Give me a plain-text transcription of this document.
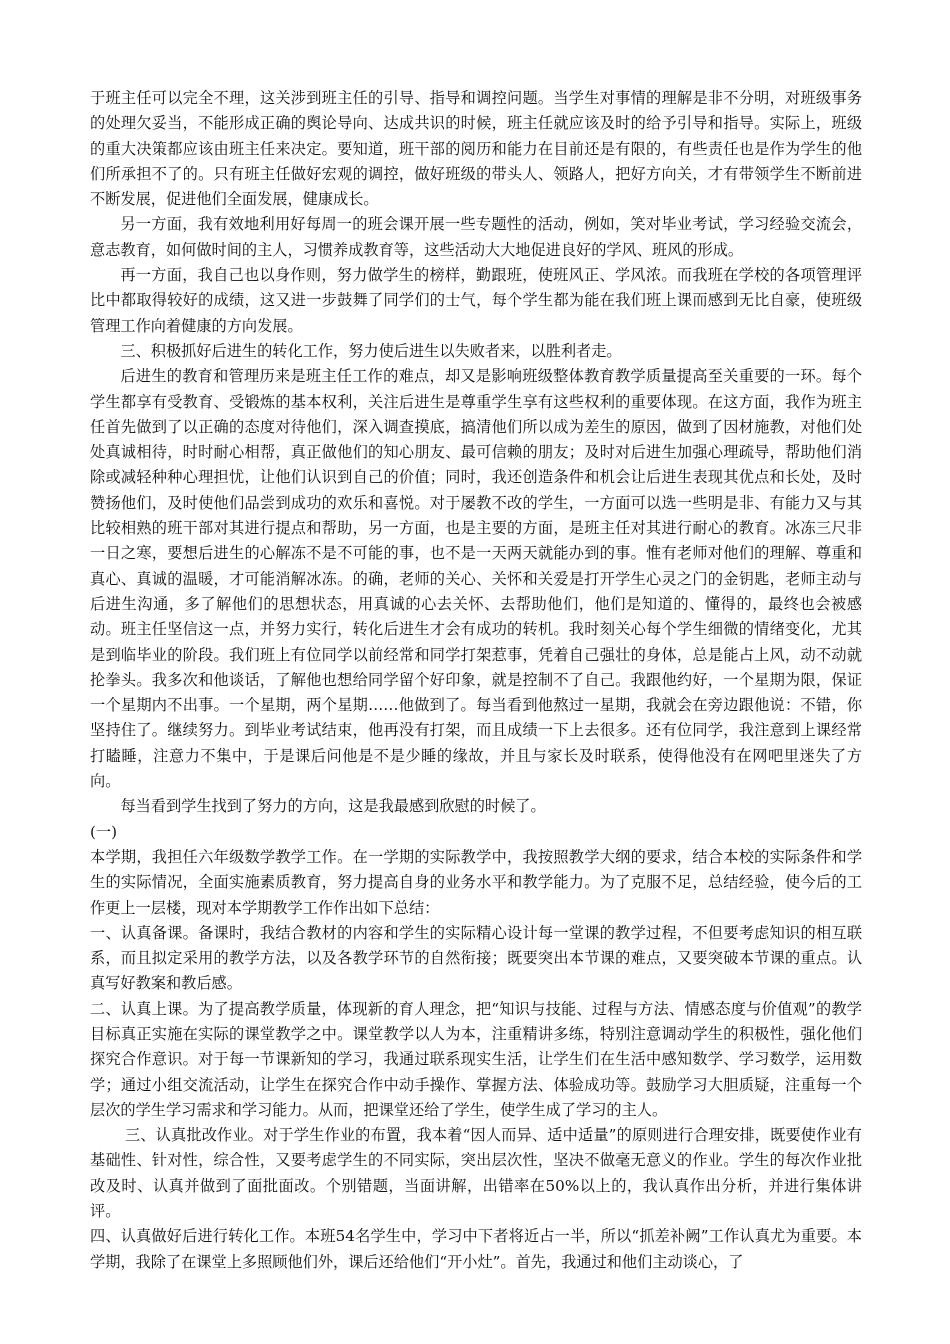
于班主任可以完全不理，这关涉到班主任的引导、指导和调控问题。当学生对事情的理解是非不分明，对班级事务的处理欠妥当，不能形成正确的舆论导向、达成共识的时候，班主任就应该及时的给予引导和指导。实际上，班级的重大决策都应该由班主任来决定。要知道，班干部的阅历和能力在目前还是有限的，有些责任也是作为学生的他们所承担不了的。只有班主任做好宏观的调控，做好班级的带头人、领路人，把好方向关，才有带领学生不断前进不断发展，促进他们全面发展，健康成长。

另一方面，我有效地利用好每周一的班会课开展一些专题性的活动，例如，笑对毕业考试，学习经验交流会，意志教育，如何做时间的主人，习惯养成教育等，这些活动大大地促进良好的学风、班风的形成。

再一方面，我自己也以身作则，努力做学生的榜样，勤跟班，使班风正、学风浓。而我班在学校的各项管理评比中都取得较好的成绩，这又进一步鼓舞了同学们的士气，每个学生都为能在我们班上课而感到无比自豪，使班级管理工作向着健康的方向发展。

三、积极抓好后进生的转化工作，努力使后进生以失败者来，以胜利者走。

后进生的教育和管理历来是班主任工作的难点，却又是影响班级整体教育教学质量提高至关重要的一环。每个学生都享有受教育、受锻炼的基本权利，关注后进生是尊重学生享有这些权利的重要体现。在这方面，我作为班主任首先做到了以正确的态度对待他们，深入调查摸底，搞清他们所以成为差生的原因，做到了因材施教，对他们处处真诚相待，时时耐心相帮，真正做他们的知心朋友、最可信赖的朋友；及时对后进生加强心理疏导，帮助他们消除或减轻种种心理担忧，让他们认识到自己的价值；同时，我还创造条件和机会让后进生表现其优点和长处，及时赞扬他们，及时使他们品尝到成功的欢乐和喜悦。对于屡教不改的学生，一方面可以选一些明是非、有能力又与其比较相熟的班干部对其进行提点和帮助，另一方面，也是主要的方面，是班主任对其进行耐心的教育。冰冻三尺非一日之寒，要想后进生的心解冻不是不可能的事，也不是一天两天就能办到的事。惟有老师对他们的理解、尊重和真心、真诚的温暖，才可能消解冰冻。的确，老师的关心、关怀和关爱是打开学生心灵之门的金钥匙，老师主动与后进生沟通，多了解他们的思想状态，用真诚的心去关怀、去帮助他们，他们是知道的、懂得的，最终也会被感动。班主任坚信这一点，并努力实行，转化后进生才会有成功的转机。我时刻关心每个学生细微的情绪变化，尤其是到临毕业的阶段。我们班上有位同学以前经常和同学打架惹事，凭着自己强壮的身体，总是能占上风，动不动就抡拳头。我多次和他谈话，了解他也想给同学留个好印象，就是控制不了自己。我跟他约好，一个星期为限，保证一个星期内不出事。一个星期，两个星期……他做到了。每当看到他熬过一星期，我就会在旁边跟他说：不错，你坚持住了。继续努力。到毕业考试结束，他再没有打架，而且成绩一下上去很多。还有位同学，我注意到上课经常打瞌睡，注意力不集中，于是课后问他是不是少睡的缘故，并且与家长及时联系，使得他没有在网吧里迷失了方向。

每当看到学生找到了努力的方向，这是我最感到欣慰的时候了。

(一)

本学期，我担任六年级数学教学工作。在一学期的实际教学中，我按照教学大纲的要求，结合本校的实际条件和学生的实际情况，全面实施素质教育，努力提高自身的业务水平和教学能力。为了克服不足，总结经验，使今后的工作更上一层楼，现对本学期教学工作作出如下总结：

一、认真备课。备课时，我结合教材的内容和学生的实际精心设计每一堂课的教学过程，不但要考虑知识的相互联系，而且拟定采用的教学方法，以及各教学环节的自然衔接；既要突出本节课的难点，又要突破本节课的重点。认真写好教案和教后感。

二、认真上课。为了提高教学质量，体现新的育人理念，把“知识与技能、过程与方法、情感态度与价值观”的教学目标真正实施在实际的课堂教学之中。课堂教学以人为本，注重精讲多练，特别注意调动学生的积极性，强化他们探究合作意识。对于每一节课新知的学习，我通过联系现实生活，让学生们在生活中感知数学、学习数学，运用数学；通过小组交流活动，让学生在探究合作中动手操作、掌握方法、体验成功等。鼓励学习大胆质疑，注重每一个层次的学生学习需求和学习能力。从而，把课堂还给了学生，使学生成了学习的主人。

三、认真批改作业。对于学生作业的布置，我本着“因人而异、适中适量”的原则进行合理安排，既要使作业有基础性、针对性，综合性，又要考虑学生的不同实际，突出层次性，坚决不做毫无意义的作业。学生的每次作业批改及时、认真并做到了面批面改。个别错题，当面讲解，出错率在50%以上的，我认真作出分析，并进行集体讲评。

四、认真做好后进行转化工作。本班54名学生中，学习中下者将近占一半，所以“抓差补阙”工作认真尤为重要。本学期，我除了在课堂上多照顾他们外，课后还给他们“开小灶”。首先，我通过和他们主动谈心，了
